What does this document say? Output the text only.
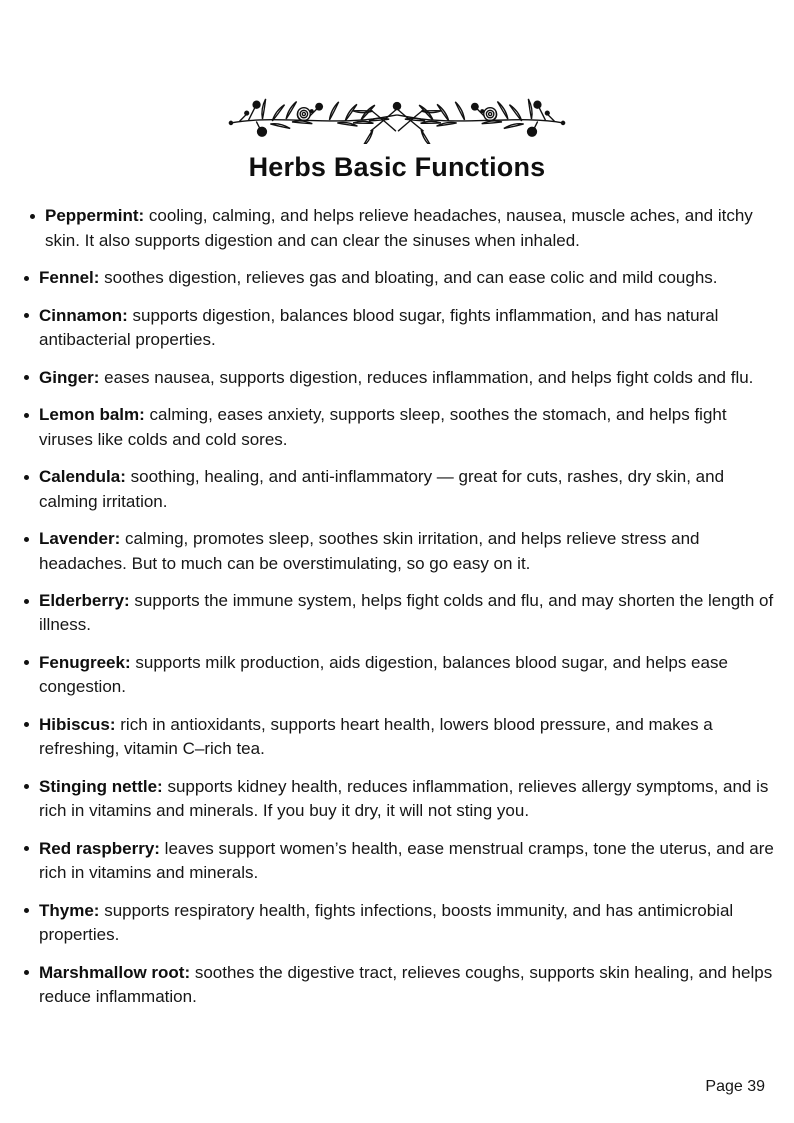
Herbs Basic Functions
Peppermint: cooling, calming, and helps relieve headaches, nausea, muscle aches, and itchy skin. It also supports digestion and can clear the sinuses when inhaled.
Fennel: soothes digestion, relieves gas and bloating, and can ease colic and mild coughs.
Cinnamon: supports digestion, balances blood sugar, fights inflammation, and has natural antibacterial properties.
Ginger: eases nausea, supports digestion, reduces inflammation, and helps fight colds and flu.
Lemon balm: calming, eases anxiety, supports sleep, soothes the stomach, and helps fight viruses like colds and cold sores.
Calendula: soothing, healing, and anti-inflammatory — great for cuts, rashes, dry skin, and calming irritation.
Lavender: calming, promotes sleep, soothes skin irritation, and helps relieve stress and headaches. But to much can be overstimulating, so go easy on it.
Elderberry: supports the immune system, helps fight colds and flu, and may shorten the length of illness.
Fenugreek: supports milk production, aids digestion, balances blood sugar, and helps ease congestion.
Hibiscus: rich in antioxidants, supports heart health, lowers blood pressure, and makes a refreshing, vitamin C–rich tea.
Stinging nettle: supports kidney health, reduces inflammation, relieves allergy symptoms, and is rich in vitamins and minerals. If you buy it dry, it will not sting you.
Red raspberry: leaves support women’s health, ease menstrual cramps, tone the uterus, and are rich in vitamins and minerals.
Thyme: supports respiratory health, fights infections, boosts immunity, and has antimicrobial properties.
Marshmallow root: soothes the digestive tract, relieves coughs, supports skin healing, and helps reduce inflammation.
Page 39
